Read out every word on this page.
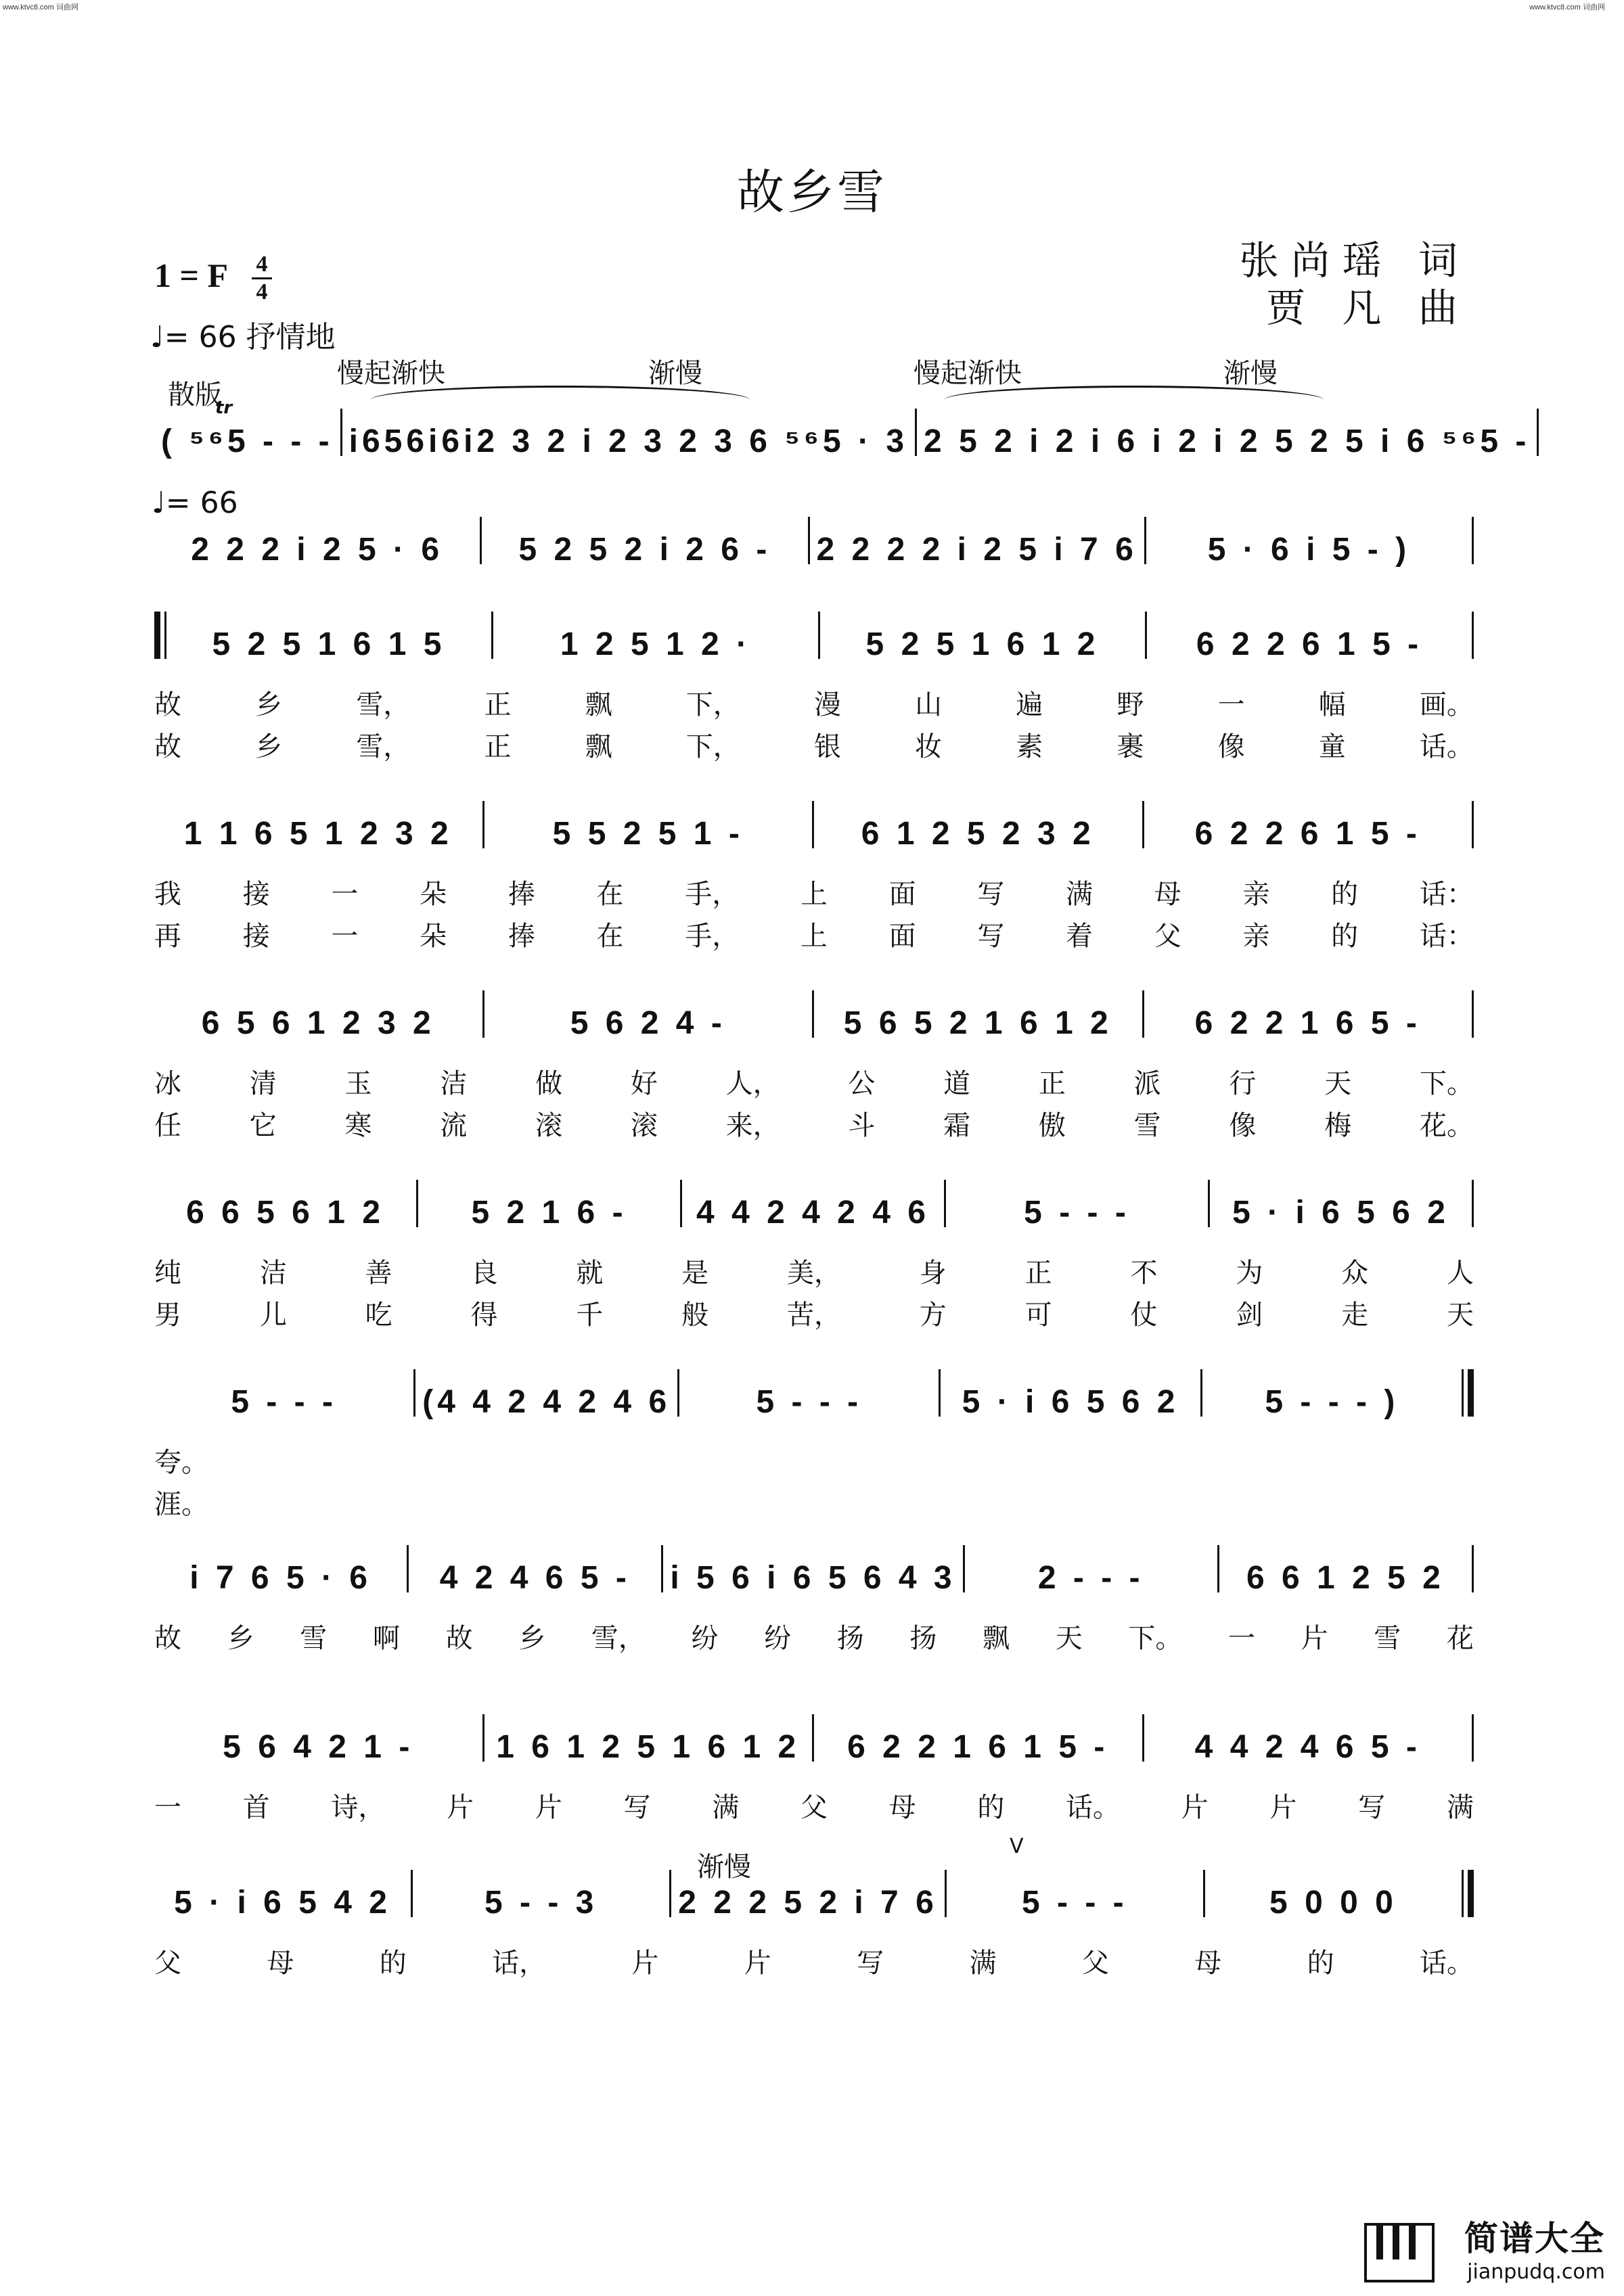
www.ktvc8.com 词曲网	www.ktvc8.com 词曲网
故乡雪
张尚瑶 词
贾 凡 曲
1 = F 4
4
♩= 66 抒情地
散版
慢起渐快	渐慢	慢起渐快	渐慢
tr
渐慢
V
♩= 66
( ⁵⁶5 - - - i656i6i2 3 2 i 2 3 2 3 6 ⁵⁶5 · 3 2 5 2 i 2 i 6 i 2 i 2 5 2 5 i 6 ⁵⁶5 -
2 2 2 i 2 5 · 6	5 2 5 2 i 2 6 -	2 2 2 2 i 2 5 i 7 6	5 · 6 i 5 - )
5 2 5 1 6 1 5	1 2 5 1 2 ·	5 2 5 1 6 1 2	6 2 2 6 1 5 -
故	乡	雪，	正	飘	下，	漫	山	遍	野	一	幅	画。
故	乡	雪，	正	飘	下，	银	妆	素	裹	像	童	话。
1 1 6 5 1 2 3 2	5 5 2 5 1 -	6 1 2 5 2 3 2	6 2 2 6 1 5 -
我 接 一 朵 捧 在 手， 上 面 写 满 母 亲 的 话：
再 接 一 朵 捧 在 手， 上 面 写 着 父 亲 的 话：
6 5 6 1 2 3 2	5 6 2 4 -	5 6 5 2 1 6 1 2	6 2 2 1 6 5 -
冰	清	玉	洁	做	好	人，	公	道	正	派	行	天	下。
任	它	寒	流	滚	滚	来，	斗	霜	傲	雪	像	梅	花。
6 6 5 6 1 2	5 2 1 6 -	4 4 2 4 2 4 6	5 - - -	5 · i 6 5 6 2
纯	洁	善	良	就	是	美，	身	正	不	为	众	人
男	儿	吃	得	千	般	苦，	方	可	仗	剑	走	天
5 - - -	(4 4 2 4 2 4 6	5 - - -	5 · i 6 5 6 2	5 - - - )
夸。
涯。
i 7 6 5 · 6	4 2 4 6 5 -	i 5 6 i 6 5 6 4 3	2 - - -	6 6 1 2 5 2
故 乡 雪 啊 故 乡 雪， 纷 纷 扬 扬 飘 天 下。 一 片 雪 花
5 6 4 2 1 -	1 6 1 2 5 1 6 1 2	6 2 2 1 6 1 5 -	4 4 2 4 6 5 -
一 首 诗， 片 片 写 满 父 母 的 话。 片 片 写 满
5 · i 6 5 4 2	5 - - 3	2 2 2 5 2 i 7 6	5 - - -	5 0 0 0
父	母	的	话，	片	片	写	满	父	母	的	话。
简谱大全
jianpudq.com
